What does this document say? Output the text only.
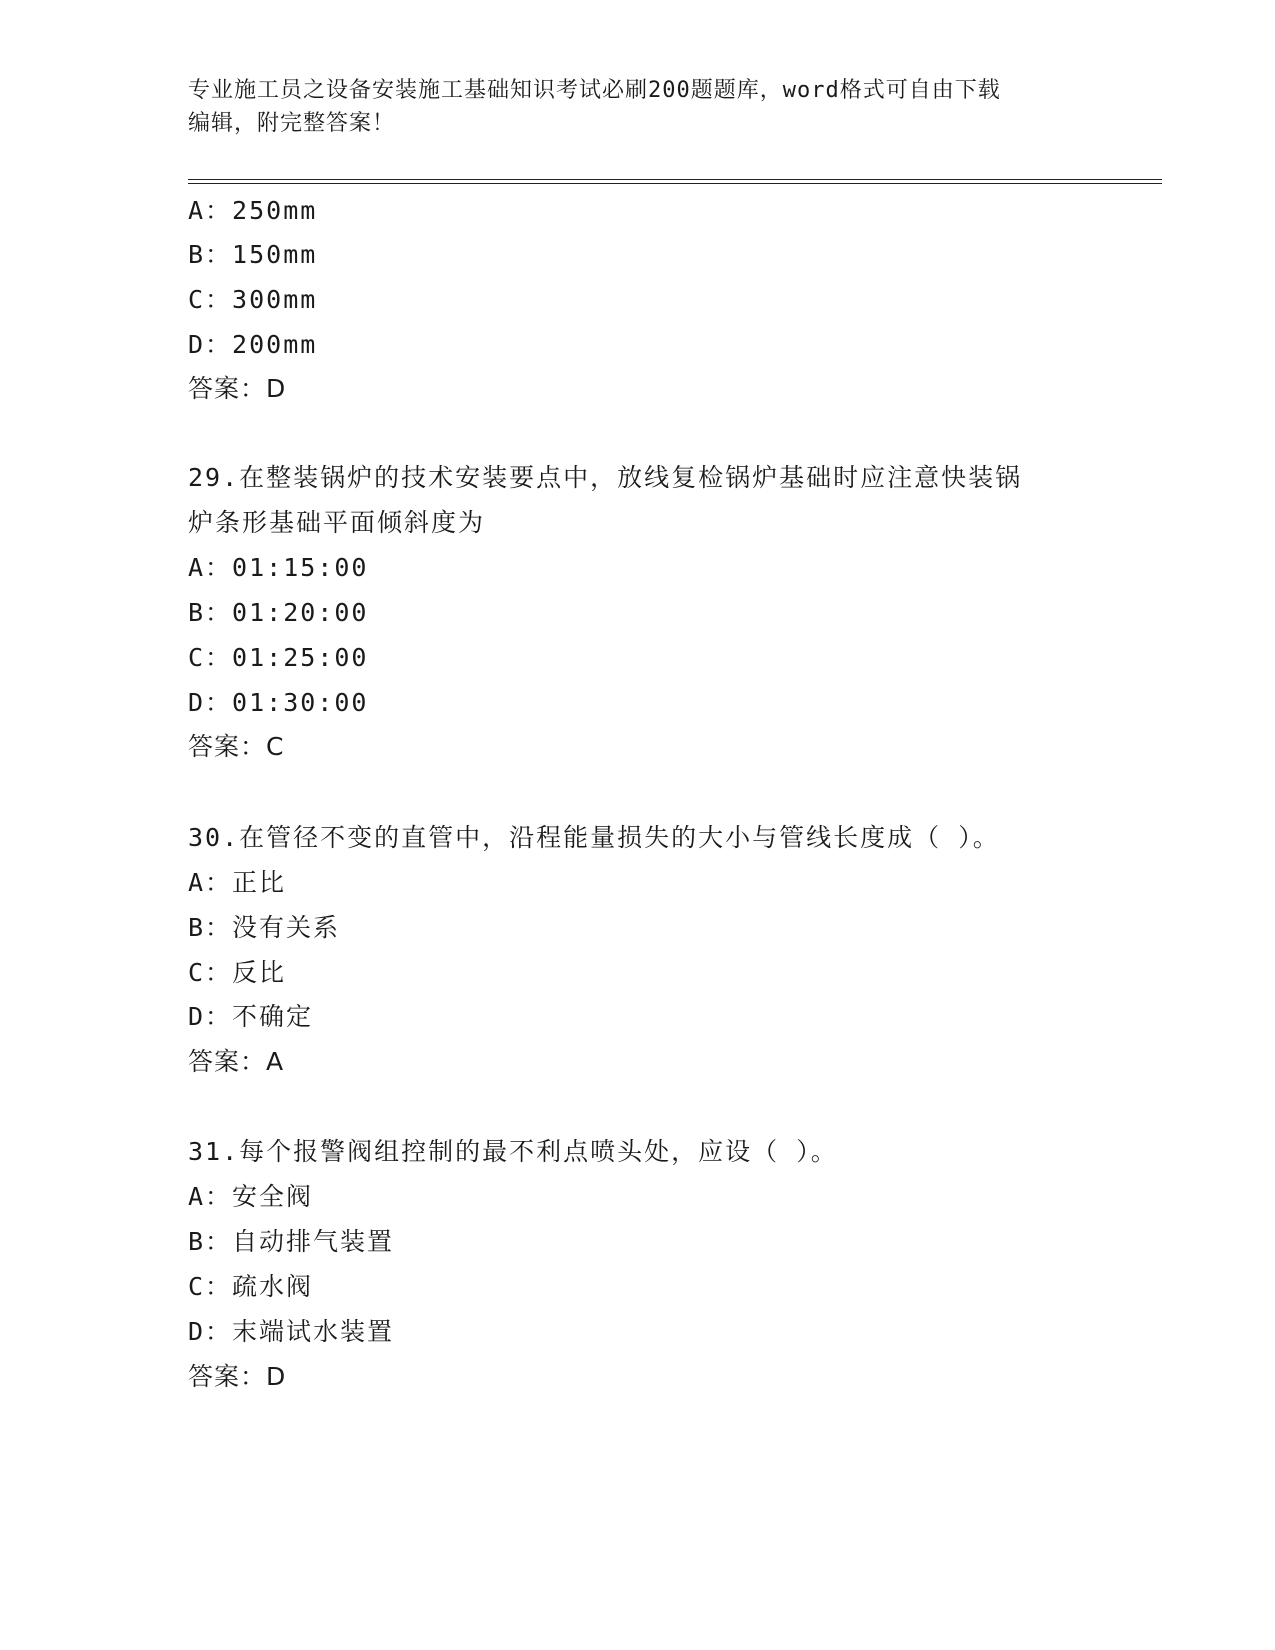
专业施工员之设备安装施工基础知识考试必刷200题题库，word格式可自由下载
编辑，附完整答案！
A：250mm
B：150mm
C：300mm
D：200mm
答案：D
29.在整装锅炉的技术安装要点中，放线复检锅炉基础时应注意快装锅
炉条形基础平面倾斜度为
A：01:15:00
B：01:20:00
C：01:25:00
D：01:30:00
答案：C
30.在管径不变的直管中，沿程能量损失的大小与管线长度成（ ）。
A：正比
B：没有关系
C：反比
D：不确定
答案：A
31.每个报警阀组控制的最不利点喷头处，应设（ ）。
A：安全阀
B：自动排气装置
C：疏水阀
D：末端试水装置
答案：D
